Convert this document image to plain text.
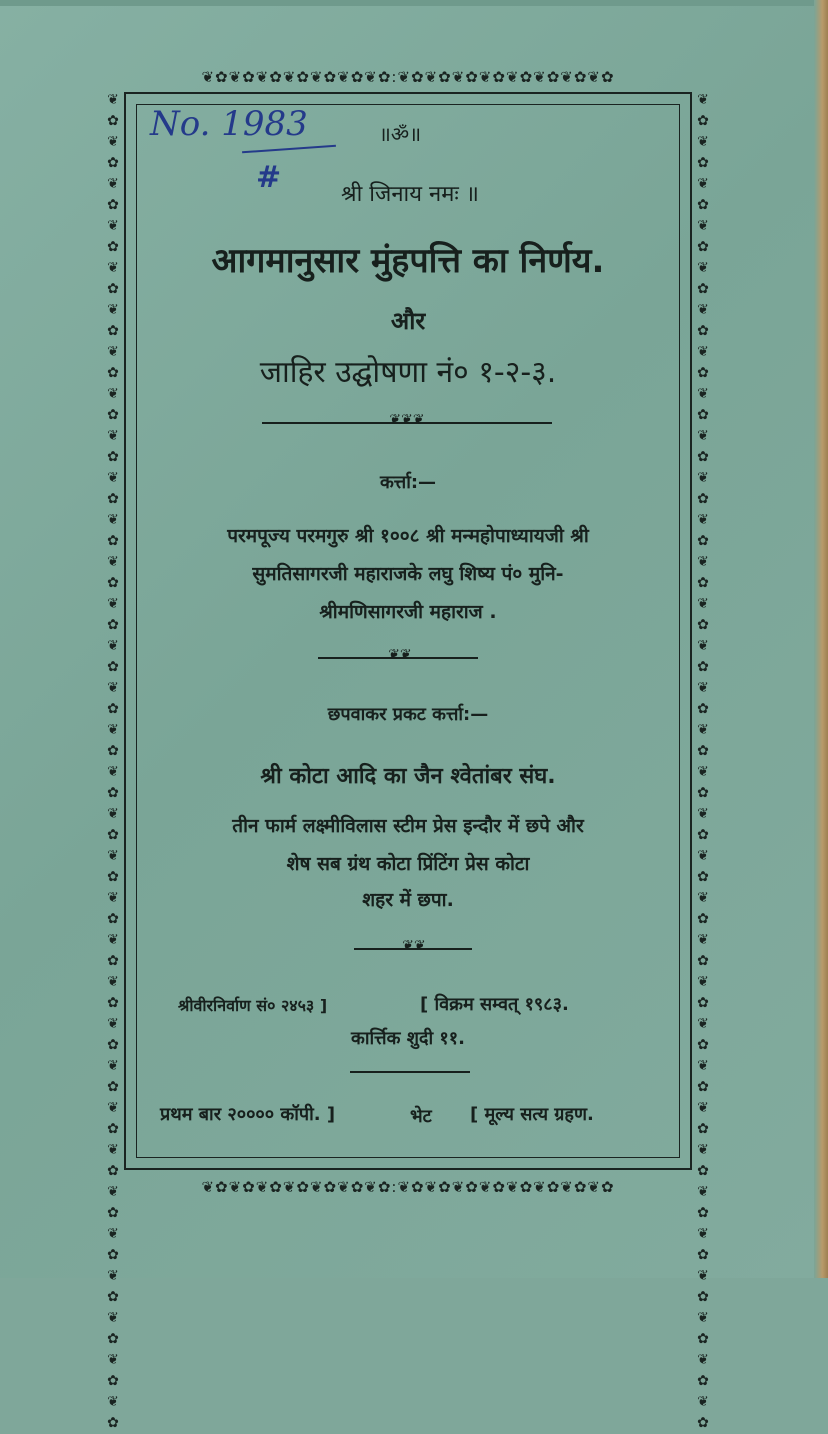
❦✿❦✿❦✿❦✿❦✿❦✿❦✿:❦✿❦✿❦✿❦✿❦✿❦✿❦✿❦✿
❦✿❦✿❦✿❦✿❦✿❦✿❦✿:❦✿❦✿❦✿❦✿❦✿❦✿❦✿❦✿
❦✿❦✿❦✿❦✿❦✿❦✿❦✿❦✿❦✿❦✿❦✿❦✿❦✿❦✿❦✿❦✿❦✿❦✿❦✿❦✿❦✿❦✿❦✿❦✿❦✿❦✿❦✿❦✿❦✿❦✿❦✿❦✿
❦✿❦✿❦✿❦✿❦✿❦✿❦✿❦✿❦✿❦✿❦✿❦✿❦✿❦✿❦✿❦✿❦✿❦✿❦✿❦✿❦✿❦✿❦✿❦✿❦✿❦✿❦✿❦✿❦✿❦✿❦✿❦✿
No. 1983
#
॥ॐ॥
श्री जिनाय नमः ॥
आगमानुसार मुंहपत्ति का निर्णय.
और
जाहिर उद्घोषणा नं० १-२-३.
❦❦❦
कर्त्ता:—
परमपूज्य परमगुरु श्री १००८ श्री मन्महोपाध्यायजी श्री
सुमतिसागरजी महाराजके लघु शिष्य पं० मुनि-
श्रीमणिसागरजी महाराज .
❦❦
छपवाकर प्रकट कर्त्ता:—
श्री कोटा आदि का जैन श्वेतांबर संघ.
तीन फार्म लक्ष्मीविलास स्टीम प्रेस इन्दौर में छपे और
शेष सब ग्रंथ कोटा प्रिंटिंग प्रेस कोटा
शहर में छपा.
❦❦
श्रीवीरनिर्वाण सं० २४५३ ]	[ विक्रम सम्वत् १९८३.
कार्त्तिक शुदी ११.
प्रथम बार २०००० कॉपी. ]	भेट	[ मूल्य सत्य ग्रहण.
